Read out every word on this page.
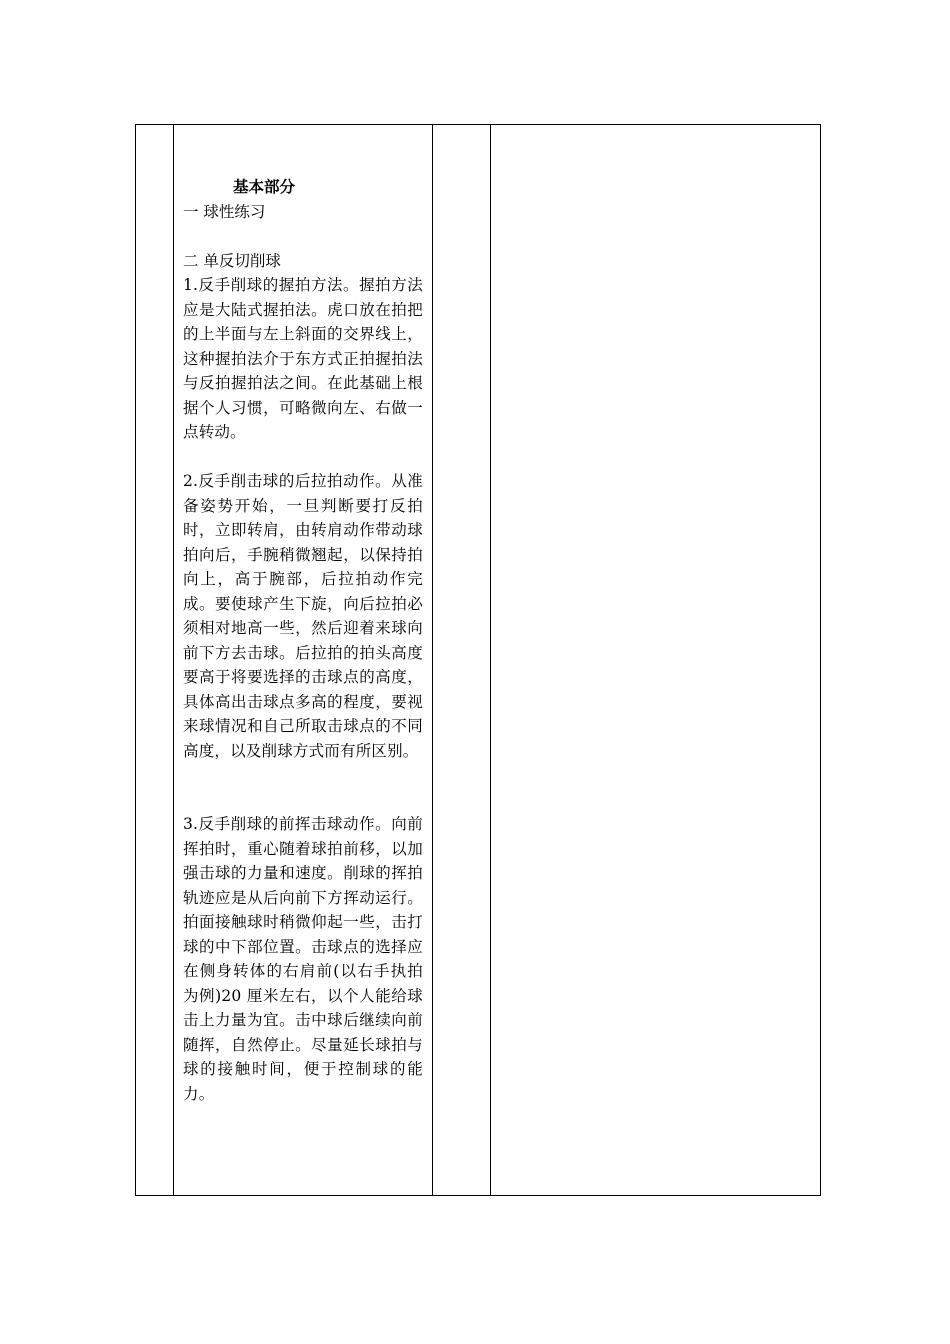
基本部分

一 球性练习

二 单反切削球

1.反手削球的握拍方法。握拍方法应是大陆式握拍法。虎口放在拍把的上半面与左上斜面的交界线上，这种握拍法介于东方式正拍握拍法与反拍握拍法之间。在此基础上根据个人习惯，可略微向左、右做一点转动。

2.反手削击球的后拉拍动作。从准备姿势开始，一旦判断要打反拍时，立即转肩，由转肩动作带动球拍向后，手腕稍微翘起，以保持拍向上，高于腕部，后拉拍动作完成。要使球产生下旋，向后拉拍必须相对地高一些，然后迎着来球向前下方去击球。后拉拍的拍头高度要高于将要选择的击球点的高度，具体高出击球点多高的程度，要视来球情况和自己所取击球点的不同高度，以及削球方式而有所区别。

3.反手削球的前挥击球动作。向前挥拍时，重心随着球拍前移，以加强击球的力量和速度。削球的挥拍轨迹应是从后向前下方挥动运行。拍面接触球时稍微仰起一些，击打球的中下部位置。击球点的选择应在侧身转体的右肩前(以右手执拍为例)20 厘米左右，以个人能给球击上力量为宜。击中球后继续向前随挥，自然停止。尽量延长球拍与球的接触时间，便于控制球的能力。
